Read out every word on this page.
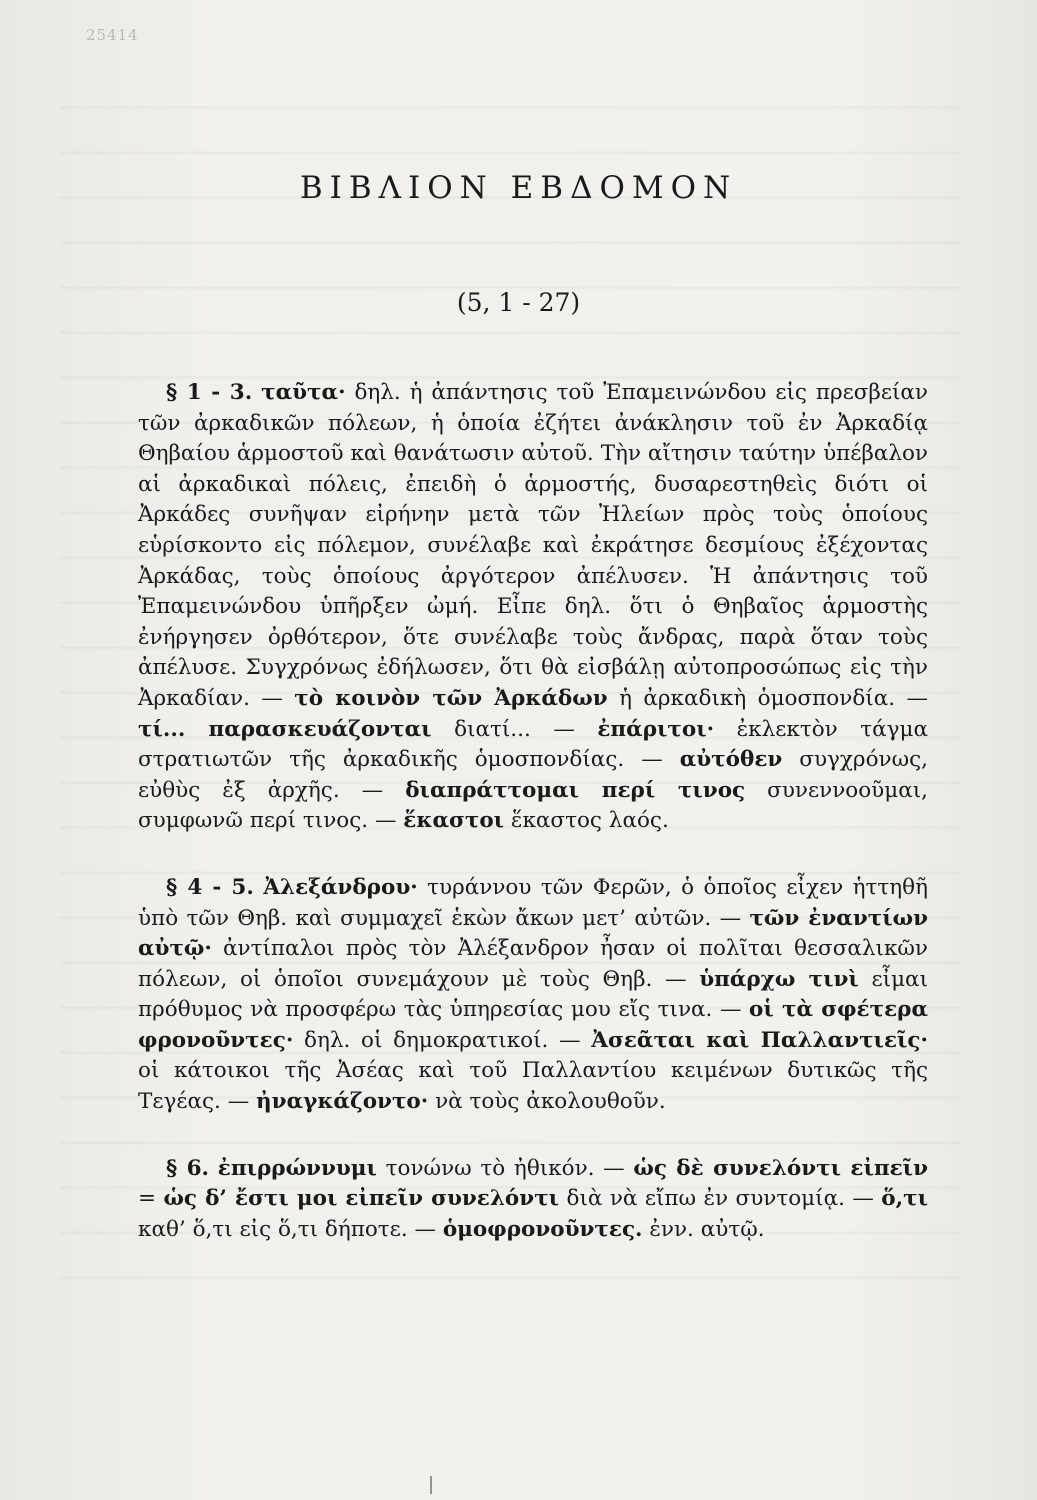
25414
ΒΙΒΛΙΟΝ ΕΒΔΟΜΟΝ
(5, 1 - 27)

§ 1 - 3. ταῦτα· δηλ. ἡ ἀπάντησις τοῦ Ἐπαμεινώνδου εἰς πρεσβείαν τῶν ἀρκαδικῶν πόλεων, ἡ ὁποία ἐζήτει ἀνάκλησιν τοῦ ἐν Ἀρκαδίᾳ Θηβαίου ἁρμοστοῦ καὶ θανάτωσιν αὐτοῦ. Τὴν αἴτησιν ταύτην ὑπέβαλον αἱ ἀρκαδικαὶ πόλεις, ἐπειδὴ ὁ ἁρμοστής, δυσαρεστηθεὶς διότι οἱ Ἀρκάδες συνῆψαν εἰρήνην μετὰ τῶν Ἠλείων πρὸς τοὺς ὁποίους εὑρίσκοντο εἰς πόλεμον, συνέλαβε καὶ ἐκράτησε δεσμίους ἐξέχοντας Ἀρκάδας, τοὺς ὁποίους ἀργότερον ἀπέλυσεν. Ἡ ἀπάντησις τοῦ Ἐπαμεινώνδου ὑπῆρξεν ὠμή. Εἶπε δηλ. ὅτι ὁ Θηβαῖος ἁρμοστὴς ἐνήργησεν ὀρθότερον, ὅτε συνέλαβε τοὺς ἄνδρας, παρὰ ὅταν τοὺς ἀπέλυσε. Συγχρόνως ἐδήλωσεν, ὅτι θὰ εἰσβάλῃ αὐτοπροσώπως εἰς τὴν Ἀρκαδίαν. — τὸ κοινὸν τῶν Ἀρκάδων ἡ ἀρκαδικὴ ὁμοσπονδία. — τί... παρασκευάζονται διατί... — ἐπάριτοι· ἐκλεκτὸν τάγμα στρατιωτῶν τῆς ἀρκαδικῆς ὁμοσπονδίας. — αὐτόθεν συγχρόνως, εὐθὺς ἐξ ἀρχῆς. — διαπράττομαι περί τινος συνεννοοῦμαι, συμφωνῶ περί τινος. — ἕκαστοι ἕκαστος λαός.

§ 4 - 5. Ἀλεξάνδρου· τυράννου τῶν Φερῶν, ὁ ὁποῖος εἶχεν ἡττηθῆ ὑπὸ τῶν Θηβ. καὶ συμμαχεῖ ἑκὼν ἄκων μετ’ αὐτῶν. — τῶν ἐναντίων αὐτῷ· ἀντίπαλοι πρὸς τὸν Ἀλέξανδρον ἦσαν οἱ πολῖται θεσσαλικῶν πόλεων, οἱ ὁποῖοι συνεμάχουν μὲ τοὺς Θηβ. — ὑπάρχω τινὶ εἶμαι πρόθυμος νὰ προσφέρω τὰς ὑπηρεσίας μου εἴς τινα. — οἱ τὰ σφέτερα φρονοῦντες· δηλ. οἱ δημοκρατικοί. — Ἀσεᾶται καὶ Παλλαντιεῖς· οἱ κάτοικοι τῆς Ἀσέας καὶ τοῦ Παλλαντίου κειμένων δυτικῶς τῆς Τεγέας. — ἠναγκάζοντο· νὰ τοὺς ἀκολουθοῦν.

§ 6. ἐπιρρώννυμι τονώνω τὸ ἠθικόν. — ὡς δὲ συνελόντι εἰπεῖν = ὡς δ’ ἔστι μοι εἰπεῖν συνελόντι διὰ νὰ εἴπω ἐν συντομίᾳ. — ὅ,τι καθ’ ὅ,τι εἰς ὅ,τι δήποτε. — ὁμοφρονοῦντες. ἐνν. αὐτῷ.
